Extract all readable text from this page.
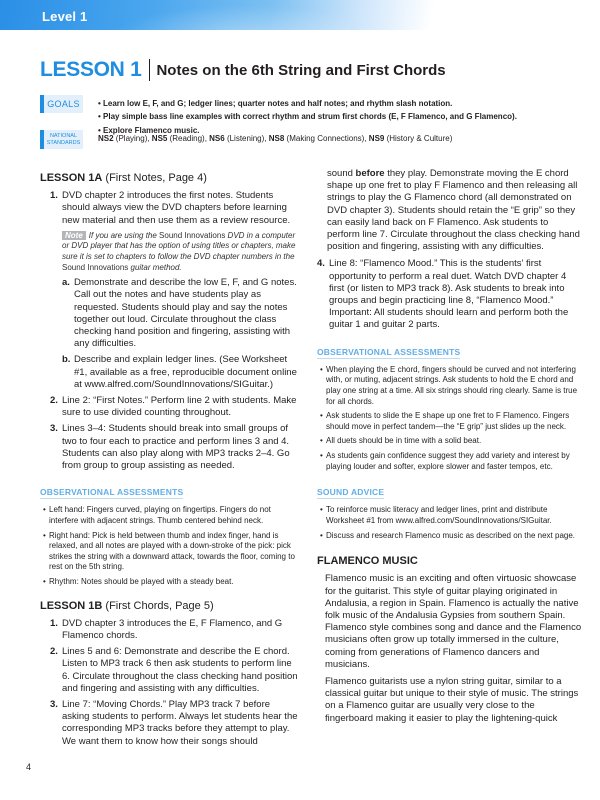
Level 1
LESSON 1 Notes on the 6th String and First Chords
GOALS	• Learn low E, F, and G; ledger lines; quarter notes and half notes; and rhythm slash notation.
• Play simple bass line examples with correct rhythm and strum first chords (E, F Flamenco, and G Flamenco).
• Explore Flamenco music.
NATIONAL
STANDARDS	NS2 (Playing), NS5 (Reading), NS6 (Listening), NS8 (Making Connections), NS9 (History & Culture)
LESSON 1A (First Notes, Page 4)
1. DVD chapter 2 introduces the first notes. Students should always view the DVD chapters before learning new material and then use them as a review resource.
Note If you are using the Sound Innovations DVD in a computer or DVD player that has the option of using titles or chapters, make sure it is set to chapters to follow the DVD chapter numbers in the Sound Innovations guitar method.
a. Demonstrate and describe the low E, F, and G notes. Call out the notes and have students play as requested. Students should play and say the notes together out loud. Circulate throughout the class checking hand position and fingering, assisting with any difficulties.
b. Describe and explain ledger lines. (See Worksheet #1, available as a free, reproducible document online at www.alfred.com/SoundInnovations/SIGuitar.)
2. Line 2: “First Notes.” Perform line 2 with students. Make sure to use divided counting throughout.
3. Lines 3–4: Students should break into small groups of two to four each to practice and perform lines 3 and 4. Students can also play along with MP3 tracks 2–4. Go from group to group assisting as needed.
OBSERVATIONAL ASSESSMENTS
• Left hand: Fingers curved, playing on fingertips. Fingers do not interfere with adjacent strings. Thumb centered behind neck.
• Right hand: Pick is held between thumb and index finger, hand is relaxed, and all notes are played with a down-stroke of the pick: pick strikes the string with a downward attack, towards the floor, coming to rest on the 5th string.
• Rhythm: Notes should be played with a steady beat.
LESSON 1B (First Chords, Page 5)
1. DVD chapter 3 introduces the E, F Flamenco, and G Flamenco chords.
2. Lines 5 and 6: Demonstrate and describe the E chord. Listen to MP3 track 6 then ask students to perform line 6. Circulate throughout the class checking hand position and fingering and assisting with any difficulties.
3. Line 7: “Moving Chords.” Play MP3 track 7 before asking students to perform. Always let students hear the corresponding MP3 tracks before they attempt to play. We want them to know how their songs should
sound before they play. Demonstrate moving the E chord shape up one fret to play F Flamenco and then releasing all strings to play the G Flamenco chord (all demonstrated on DVD chapter 3). Students should retain the “E grip” so they can easily land back on F Flamenco. Ask students to perform line 7. Circulate throughout the class checking hand position and fingering, assisting with any difficulties.
4. Line 8: “Flamenco Mood.” This is the students’ first opportunity to perform a real duet. Watch DVD chapter 4 first (or listen to MP3 track 8). Ask students to break into groups and begin practicing line 8, “Flamenco Mood.” Important: All students should learn and perform both the guitar 1 and guitar 2 parts.
OBSERVATIONAL ASSESSMENTS
• When playing the E chord, fingers should be curved and not interfering with, or muting, adjacent strings. Ask students to hold the E chord and play one string at a time. All six strings should ring clearly. Same is true for all chords.
• Ask students to slide the E shape up one fret to F Flamenco. Fingers should move in perfect tandem—the “E grip” just slides up the neck.
• All duets should be in time with a solid beat.
• As students gain confidence suggest they add variety and interest by playing louder and softer, explore slower and faster tempos, etc.
SOUND ADVICE
• To reinforce music literacy and ledger lines, print and distribute Worksheet #1 from www.alfred.com/SoundInnovations/SIGuitar.
• Discuss and research Flamenco music as described on the next page.
FLAMENCO MUSIC
Flamenco music is an exciting and often virtuosic showcase for the guitarist. This style of guitar playing originated in Andalusia, a region in Spain. Flamenco is actually the native folk music of the Andalusia Gypsies from southern Spain. Flamenco style combines song and dance and the Flamenco musicians often grow up totally immersed in the culture, coming from generations of Flamenco dancers and musicians.
Flamenco guitarists use a nylon string guitar, similar to a classical guitar but unique to their style of music. The strings on a Flamenco guitar are usually very close to the fingerboard making it easier to play the lightening-quick
4
